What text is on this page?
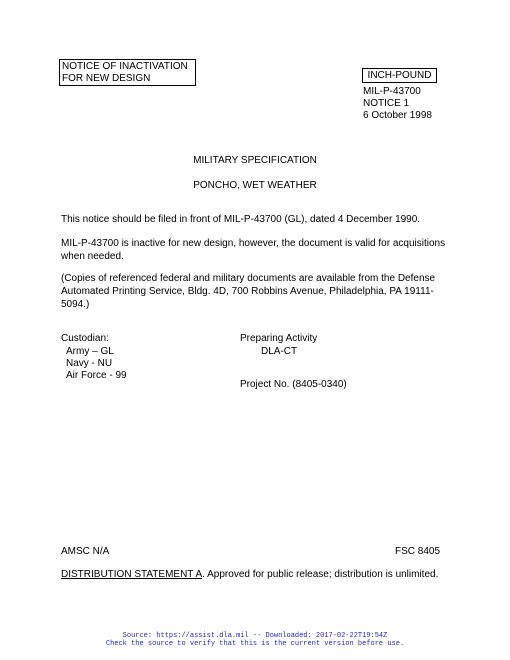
NOTICE OF INACTIVATION
FOR NEW DESIGN	INCH-POUND
MIL-P-43700
NOTICE 1
6 October 1998
MILITARY SPECIFICATION
PONCHO, WET WEATHER
This notice should be filed in front of MIL-P-43700 (GL), dated 4 December 1990.
MIL-P-43700 is inactive for new design, however, the document is valid for acquisitions when needed.
(Copies of referenced federal and military documents are available from the Defense Automated Printing Service, Bldg. 4D, 700 Robbins Avenue, Philadelphia, PA 19111-5094.)
Custodian:
Army – GL
Navy - NU
Air Force - 99
Preparing Activity
DLA-CT
Project No. (8405-0340)
AMSC N/A	FSC 8405
DISTRIBUTION STATEMENT A. Approved for public release; distribution is unlimited.
Source: https://assist.dla.mil -- Downloaded: 2017-02-22T19:54Z
Check the source to verify that this is the current version before use.
